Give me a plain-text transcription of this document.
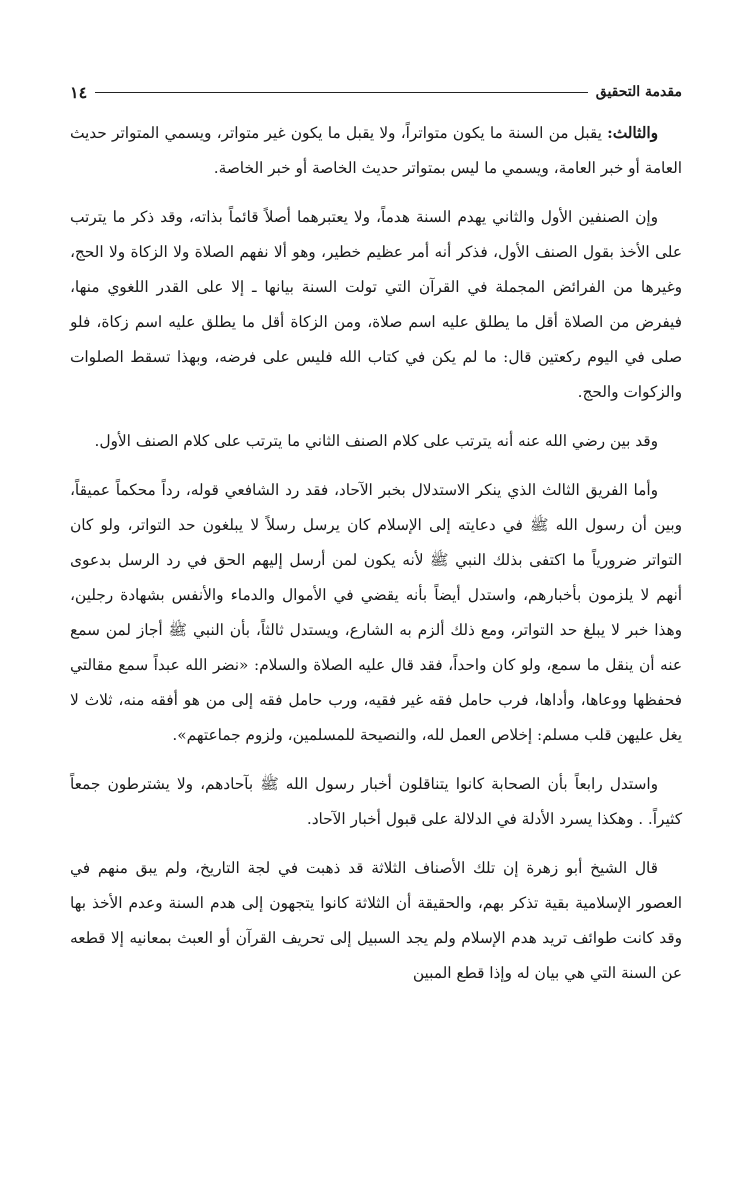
مقدمة التحقيق
١٤

والثالث: يقبل من السنة ما يكون متواتراً، ولا يقبل ما يكون غير متواتر، ويسمي المتواتر حديث العامة أو خبر العامة، ويسمي ما ليس بمتواتر حديث الخاصة أو خبر الخاصة.

وإن الصنفين الأول والثاني يهدم السنة هدماً، ولا يعتبرهما أصلاً قائماً بذاته، وقد ذكر ما يترتب على الأخذ بقول الصنف الأول، فذكر أنه أمر عظيم خطير، وهو ألا نفهم الصلاة ولا الزكاة ولا الحج، وغيرها من الفرائض المجملة في القرآن التي تولت السنة بيانها ـ إلا على القدر اللغوي منها، فيفرض من الصلاة أقل ما يطلق عليه اسم صلاة، ومن الزكاة أقل ما يطلق عليه اسم زكاة، فلو صلى في اليوم ركعتين قال: ما لم يكن في كتاب الله فليس على فرضه، وبهذا تسقط الصلوات والزكوات والحج.

وقد بين رضي الله عنه أنه يترتب على كلام الصنف الثاني ما يترتب على كلام الصنف الأول.

وأما الفريق الثالث الذي ينكر الاستدلال بخبر الآحاد، فقد رد الشافعي قوله، رداً محكماً عميقاً، وبين أن رسول الله ﷺ في دعايته إلى الإسلام كان يرسل رسلاً لا يبلغون حد التواتر، ولو كان التواتر ضرورياً ما اكتفى بذلك النبي ﷺ لأنه يكون لمن أرسل إليهم الحق في رد الرسل بدعوى أنهم لا يلزمون بأخبارهم، واستدل أيضاً بأنه يقضي في الأموال والدماء والأنفس بشهادة رجلين، وهذا خبر لا يبلغ حد التواتر، ومع ذلك ألزم به الشارع، ويستدل ثالثاً، بأن النبي ﷺ أجاز لمن سمع عنه أن ينقل ما سمع، ولو كان واحداً، فقد قال عليه الصلاة والسلام: «نضر الله عبداً سمع مقالتي فحفظها ووعاها، وأداها، فرب حامل فقه غير فقيه، ورب حامل فقه إلى من هو أفقه منه، ثلاث لا يغل عليهن قلب مسلم: إخلاص العمل لله، والنصيحة للمسلمين، ولزوم جماعتهم».

واستدل رابعاً بأن الصحابة كانوا يتناقلون أخبار رسول الله ﷺ بآحادهم، ولا يشترطون جمعاً كثيراً. . وهكذا يسرد الأدلة في الدلالة على قبول أخبار الآحاد.

قال الشيخ أبو زهرة إن تلك الأصناف الثلاثة قد ذهبت في لجة التاريخ، ولم يبق منهم في العصور الإسلامية بقية تذكر بهم، والحقيقة أن الثلاثة كانوا يتجهون إلى هدم السنة وعدم الأخذ بها وقد كانت طوائف تريد هدم الإسلام ولم يجد السبيل إلى تحريف القرآن أو العبث بمعانيه إلا قطعه عن السنة التي هي بيان له وإذا قطع المبين
